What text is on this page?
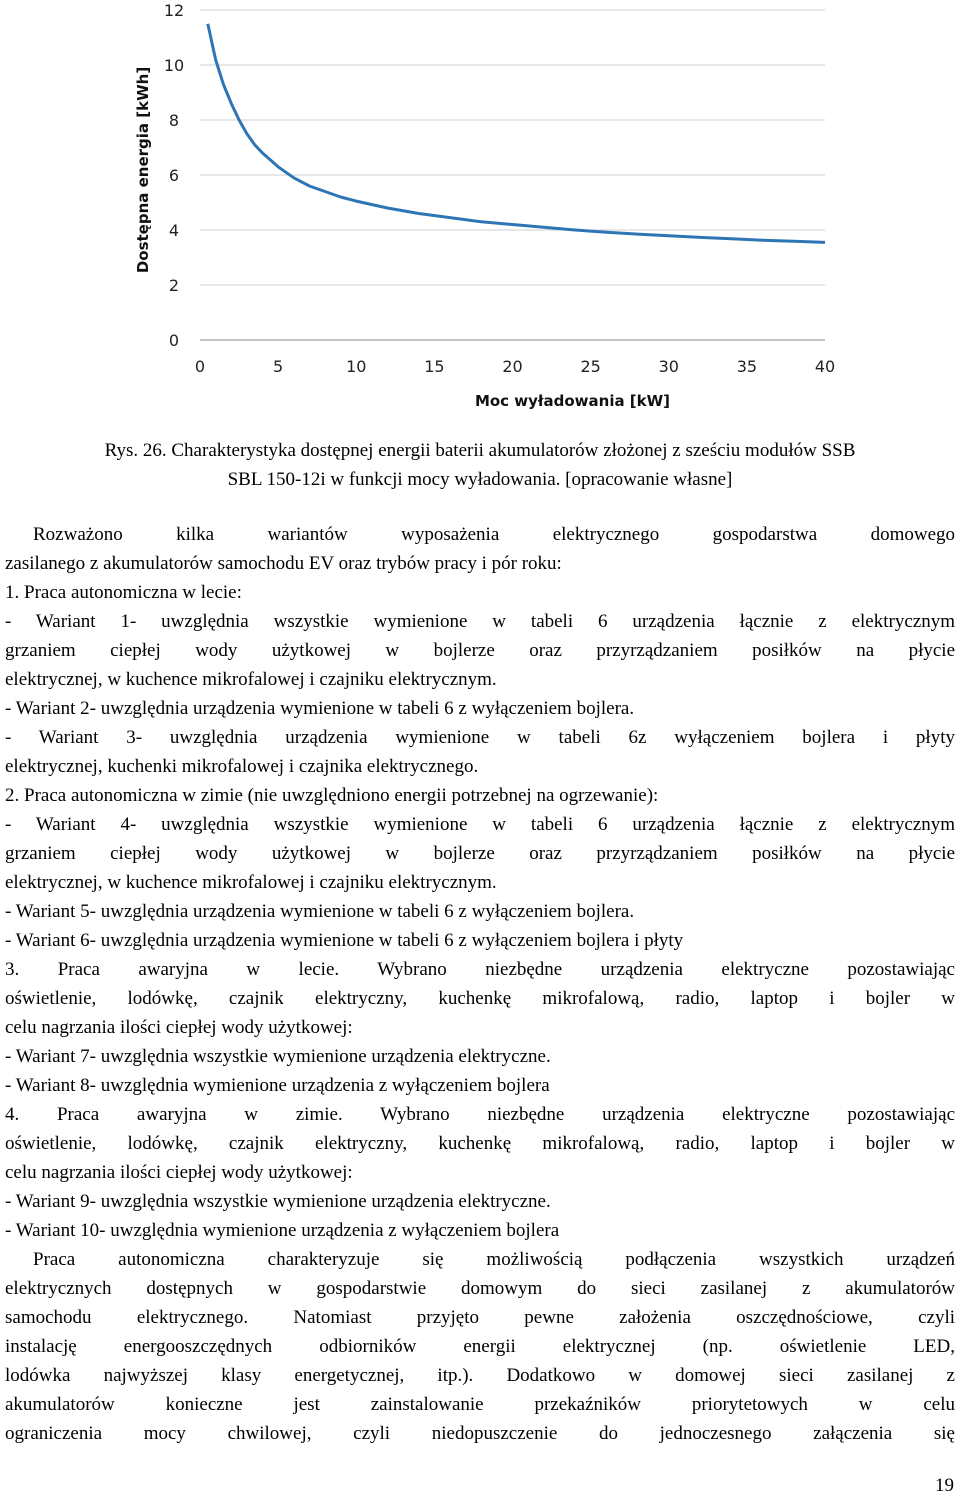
0
2
4
6
8
10
12
0	5	10	15	20	25	30	35	40
Moc wyładowania [kW]
Dostępna energia [kWh]
Rys. 26. Charakterystyka dostępnej energii baterii akumulatorów złożonej z sześciu modułów SSB
SBL 150-12i w funkcji mocy wyładowania. [opracowanie własne]
Rozważono kilka wariantów wyposażenia elektrycznego gospodarstwa domowego
zasilanego z akumulatorów samochodu EV oraz trybów pracy i pór roku:
1. Praca autonomiczna w lecie:
- Wariant 1- uwzględnia wszystkie wymienione w tabeli 6 urządzenia łącznie z elektrycznym
grzaniem ciepłej wody użytkowej w bojlerze oraz przyrządzaniem posiłków na płycie
elektrycznej, w kuchence mikrofalowej i czajniku elektrycznym.
- Wariant 2- uwzględnia urządzenia wymienione w tabeli 6 z wyłączeniem bojlera.
- Wariant 3- uwzględnia urządzenia wymienione w tabeli 6z wyłączeniem bojlera i płyty
elektrycznej, kuchenki mikrofalowej i czajnika elektrycznego.
2. Praca autonomiczna w zimie (nie uwzględniono energii potrzebnej na ogrzewanie):
- Wariant 4- uwzględnia wszystkie wymienione w tabeli 6 urządzenia łącznie z elektrycznym
grzaniem ciepłej wody użytkowej w bojlerze oraz przyrządzaniem posiłków na płycie
elektrycznej, w kuchence mikrofalowej i czajniku elektrycznym.
- Wariant 5- uwzględnia urządzenia wymienione w tabeli 6 z wyłączeniem bojlera.
- Wariant 6- uwzględnia urządzenia wymienione w tabeli 6 z wyłączeniem bojlera i płyty
3. Praca awaryjna w lecie. Wybrano niezbędne urządzenia elektryczne pozostawiając
oświetlenie, lodówkę, czajnik elektryczny, kuchenkę mikrofalową, radio, laptop i bojler w
celu nagrzania ilości ciepłej wody użytkowej:
- Wariant 7- uwzględnia wszystkie wymienione urządzenia elektryczne.
- Wariant 8- uwzględnia wymienione urządzenia z wyłączeniem bojlera
4. Praca awaryjna w zimie. Wybrano niezbędne urządzenia elektryczne pozostawiając
oświetlenie, lodówkę, czajnik elektryczny, kuchenkę mikrofalową, radio, laptop i bojler w
celu nagrzania ilości ciepłej wody użytkowej:
- Wariant 9- uwzględnia wszystkie wymienione urządzenia elektryczne.
- Wariant 10- uwzględnia wymienione urządzenia z wyłączeniem bojlera
Praca autonomiczna charakteryzuje się możliwością podłączenia wszystkich urządzeń
elektrycznych dostępnych w gospodarstwie domowym do sieci zasilanej z akumulatorów
samochodu elektrycznego. Natomiast przyjęto pewne założenia oszczędnościowe, czyli
instalację energooszczędnych odbiorników energii elektrycznej (np. oświetlenie LED,
lodówka najwyższej klasy energetycznej, itp.). Dodatkowo w domowej sieci zasilanej z
akumulatorów konieczne jest zainstalowanie przekaźników priorytetowych w celu
ograniczenia mocy chwilowej, czyli niedopuszczenie do jednoczesnego załączenia się
19
